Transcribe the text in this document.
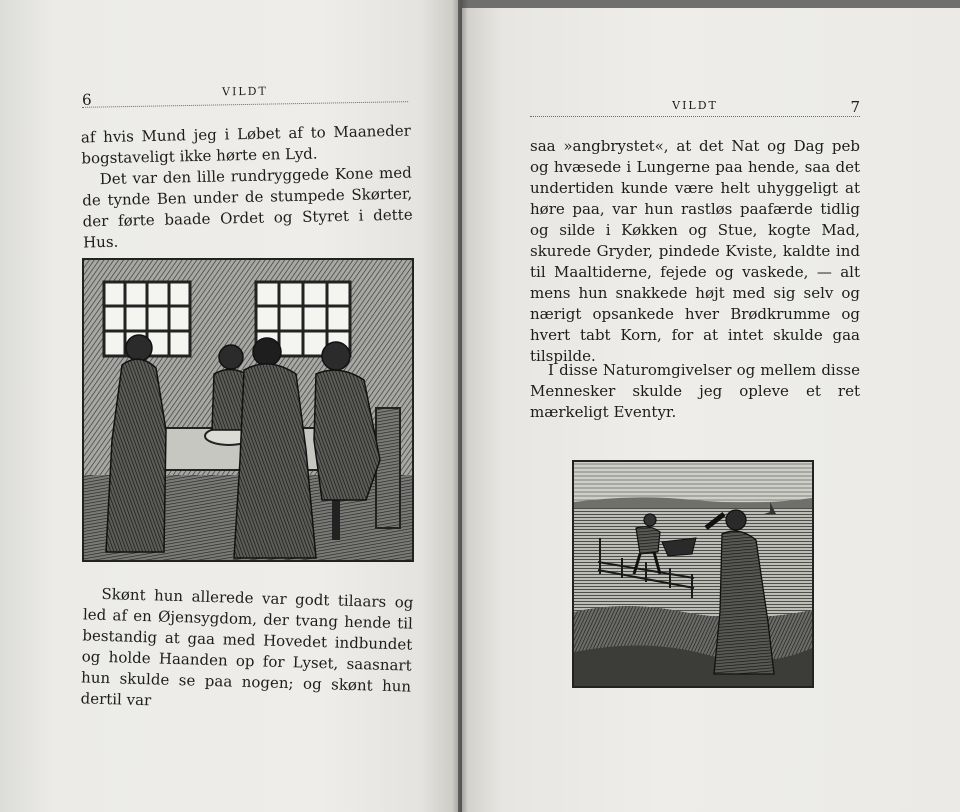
6	VILDT

af hvis Mund jeg i Løbet af to Maaneder bogstaveligt ikke hørte en Lyd.

Det var den lille rundryggede Kone med de tynde Ben under de stumpede Skørter, der førte baade Ordet og Styret i dette Hus.

Skønt hun allerede var godt tilaars og led af en Øjensygdom, der tvang hende til bestandig at gaa med Hovedet indbundet og holde Haanden op for Lyset, saasnart hun skulde se paa nogen; og skønt hun dertil var

VILDT	7

saa »angbrystet«, at det Nat og Dag peb og hvæsede i Lungerne paa hende, saa det undertiden kunde være helt uhyggeligt at høre paa, var hun rastløs paafærde tidlig og silde i Køkken og Stue, kogte Mad, skurede Gryder, pindede Kviste, kaldte ind til Maaltiderne, fejede og vaskede, — alt mens hun snakkede højt med sig selv og nærigt opsankede hver Brødkrumme og hvert tabt Korn, for at intet skulde gaa tilspilde.

I disse Naturomgivelser og mellem disse Mennesker skulde jeg opleve et ret mærkeligt Eventyr.
